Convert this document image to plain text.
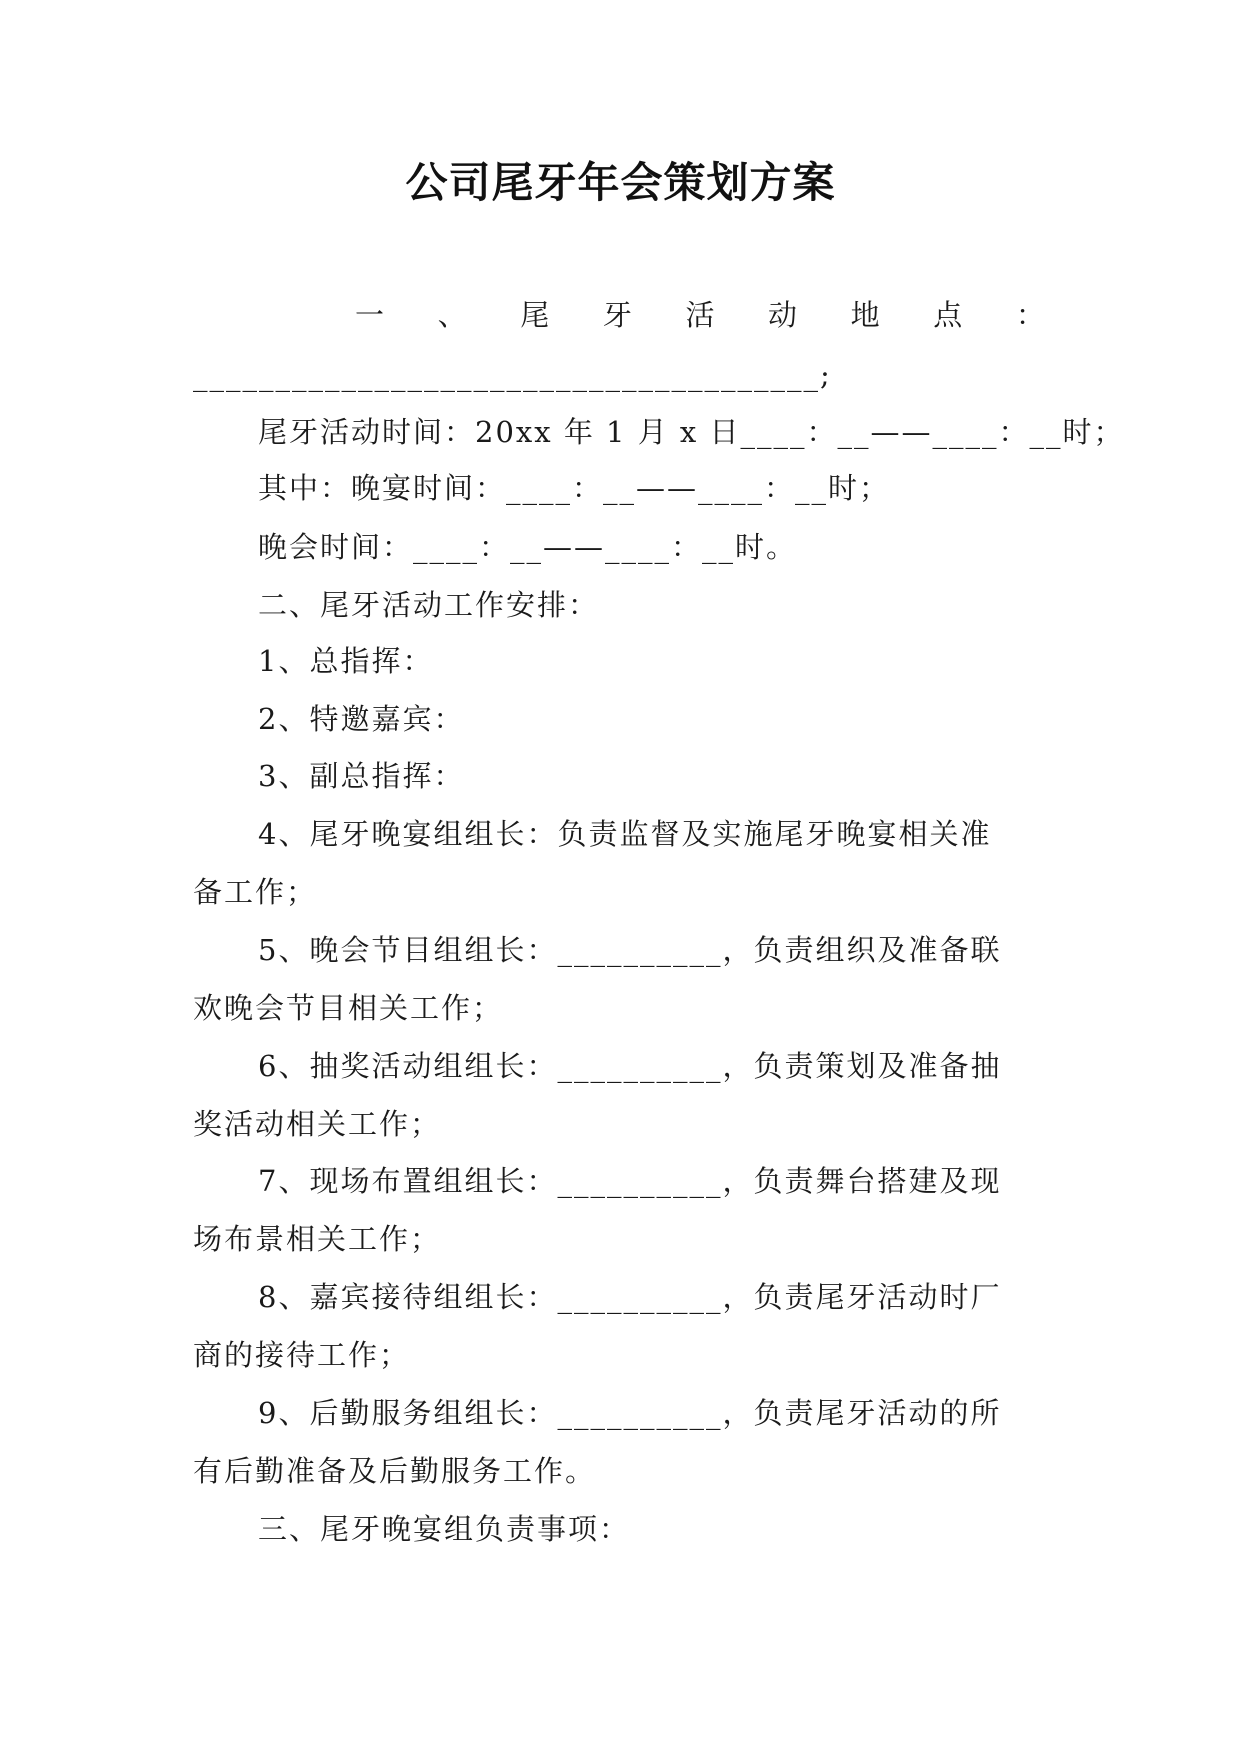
公司尾牙年会策划方案
一 、 尾 牙 活 动 地 点 ：
______________________________________;
尾牙活动时间：20xx 年 1 月 x 日____：__——____：__时；
其中：晚宴时间：____：__——____：__时；
晚会时间：____：__——____：__时。
二、尾牙活动工作安排：
1、总指挥：
2、特邀嘉宾：
3、副总指挥：
4、尾牙晚宴组组长：负责监督及实施尾牙晚宴相关准
备工作；
5、晚会节目组组长：__________，负责组织及准备联
欢晚会节目相关工作；
6、抽奖活动组组长：__________，负责策划及准备抽
奖活动相关工作；
7、现场布置组组长：__________，负责舞台搭建及现
场布景相关工作；
8、嘉宾接待组组长：__________，负责尾牙活动时厂
商的接待工作；
9、后勤服务组组长：__________，负责尾牙活动的所
有后勤准备及后勤服务工作。
三、尾牙晚宴组负责事项：
